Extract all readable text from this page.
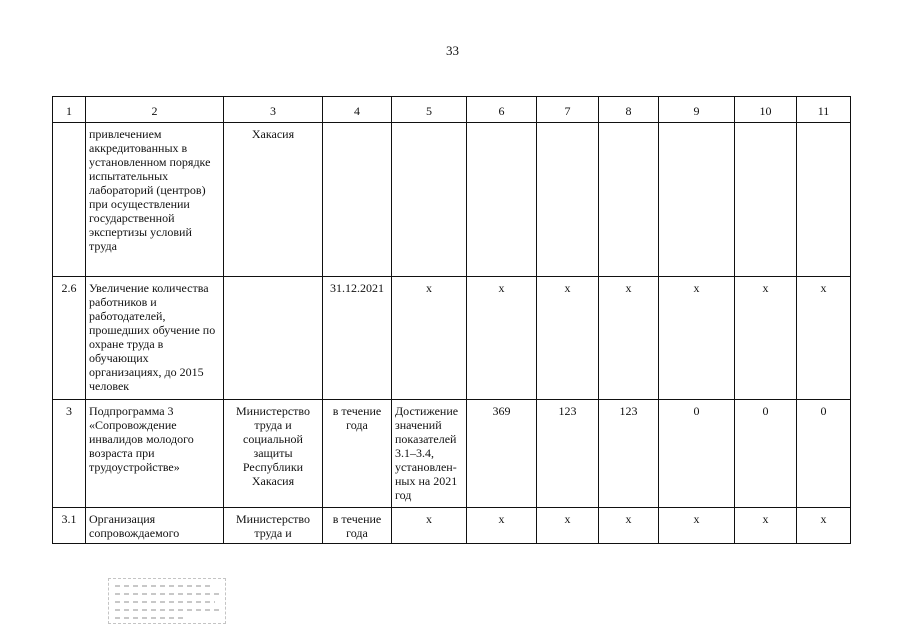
33
1	2	3	4	5	6	7	8	9	10	11
	привлечением аккредитованных в установленном порядке испытательных лабораторий (центров) при осуществлении государственной экспертизы условий труда	Хакасия								
2.6	Увеличение количества работников и работодателей, прошедших обучение по охране труда в обучающих организациях, до 2015 человек		31.12.2021	х	х	х	х	х	х	х
3	Подпрограмма 3 «Сопровождение инвалидов молодого возраста при трудоустройстве»	Министерство труда и социальной защиты Республики Хакасия	в течение года	Достижение значений показателей 3.1–3.4, установленных на 2021 год	369	123	123	0	0	0
3.1	Организация сопровождаемого	Министерство труда и	в течение года	х	х	х	х	х	х	х
